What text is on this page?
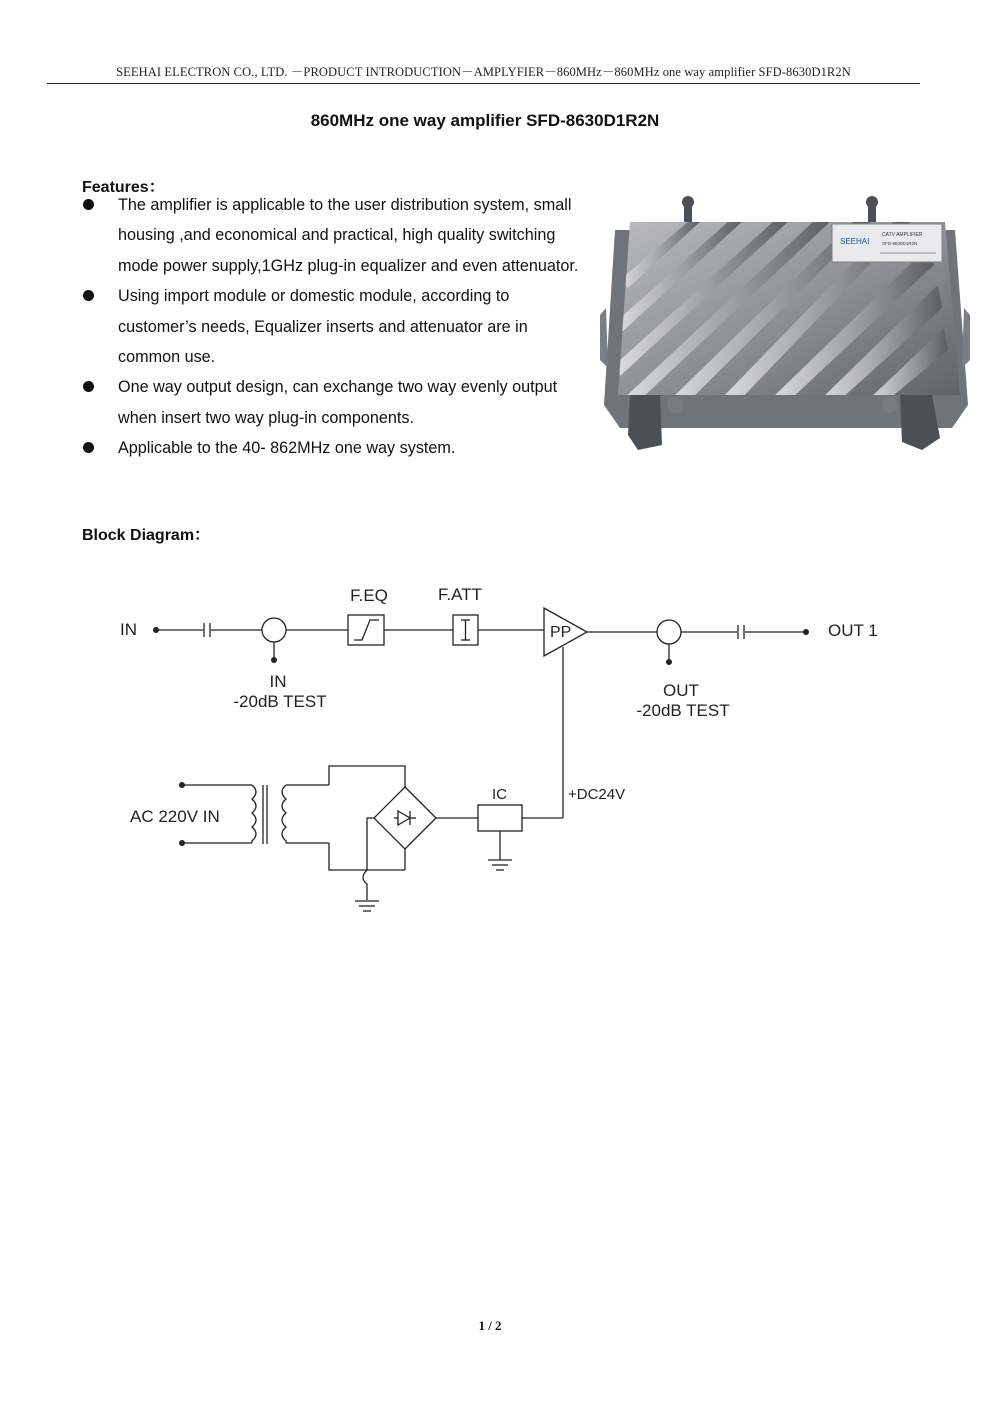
SEEHAI ELECTRON CO., LTD. －PRODUCT INTRODUCTION－AMPLYFIER－860MHz－860MHz one way amplifier SFD-8630D1R2N
860MHz one way amplifier SFD-8630D1R2N
Features：
The amplifier is applicable to the user distribution system, small housing ,and economical and practical, high quality switching mode power supply,1GHz plug-in equalizer and even attenuator.
Using import module or domestic module, according to customer’s needs, Equalizer inserts and attenuator are in common use.
One way output design, can exchange two way evenly output when insert two way plug-in components.
Applicable to the 40- 862MHz one way system.
SEEHAI
CATV AMPLIFIER
SFD-8630D1R2N
Block Diagram：
IN
F.EQ	F.ATT
PP	OUT 1
IN
-20dB TEST
OUT
-20dB TEST
AC 220V IN
IC	+DC24V
1 / 2
